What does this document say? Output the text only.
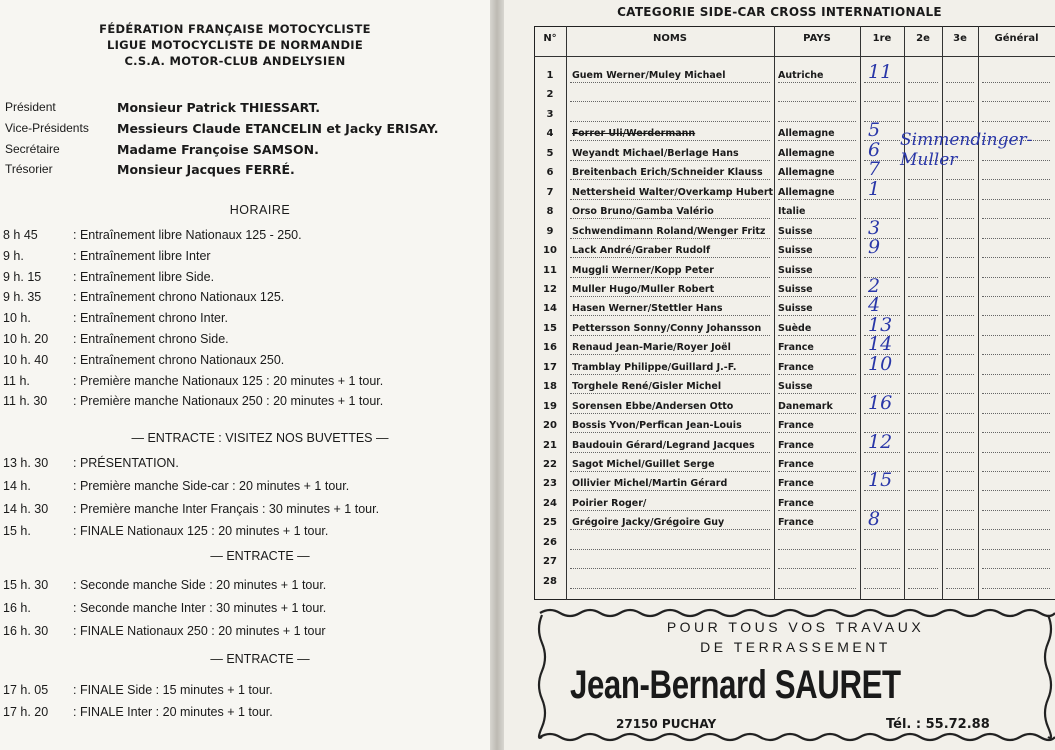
FÉDÉRATION FRANÇAISE MOTOCYCLISTE
LIGUE MOTOCYCLISTE DE NORMANDIE
C.S.A. MOTOR-CLUB ANDELYSIEN
Président	Monsieur Patrick THIESSART.
Vice-Présidents Messieurs Claude ETANCELIN et Jacky ERISAY.
Secrétaire	Madame Françoise SAMSON.
Trésorier	Monsieur Jacques FERRÉ.
HORAIRE
— ENTRACTE : VISITEZ NOS BUVETTES —
— ENTRACTE —
— ENTRACTE —
8 h 45	: Entraînement libre Nationaux 125 - 250.
9 h.	: Entraînement libre Inter
9 h. 15	: Entraînement libre Side.
9 h. 35	: Entraînement chrono Nationaux 125.
10 h.	: Entraînement chrono Inter.
10 h. 20	: Entraînement chrono Side.
10 h. 40	: Entraînement chrono Nationaux 250.
11 h.	: Première manche Nationaux 125 : 20 minutes + 1 tour.
11 h. 30	: Première manche Nationaux 250 : 20 minutes + 1 tour.
13 h. 30	: PRÉSENTATION.
14 h.	: Première manche Side-car : 20 minutes + 1 tour.
14 h. 30	: Première manche Inter Français : 30 minutes + 1 tour.
15 h.	: FINALE Nationaux 125 : 20 minutes + 1 tour.
15 h. 30	: Seconde manche Side : 20 minutes + 1 tour.
16 h.	: Seconde manche Inter : 30 minutes + 1 tour.
16 h. 30	: FINALE Nationaux 250 : 20 minutes + 1 tour
17 h. 05	: FINALE Side : 15 minutes + 1 tour.
17 h. 20	: FINALE Inter : 20 minutes + 1 tour.
CATEGORIE SIDE-CAR CROSS INTERNATIONALE
N°	NOMS	PAYS	1re	2e	3e	Général
1	Guem Werner/Muley Michael	Autriche 11
2
3
4	Forrer Uli/Werdermann	Allemagne 5
5	Weyandt Michael/Berlage Hans	Allemagne 6
6	Breitenbach Erich/Schneider Klauss Allemagne 7
7	Nettersheid Walter/Overkamp Hubert Allemagne 1
8	Orso Bruno/Gamba Valério	Italie
9	Schwendimann Roland/Wenger Fritz Suisse	3
10	Lack André/Graber Rudolf	Suisse	9
11	Muggli Werner/Kopp Peter	Suisse
12	Muller Hugo/Muller Robert	Suisse	2
14	Hasen Werner/Stettler Hans	Suisse	4
15	Pettersson Sonny/Conny Johansson Suède	13
16	Renaud Jean-Marie/Royer Joël	France	14
17	Tramblay Philippe/Guillard J.-F.	France	10
18	Torghele René/Gisler Michel	Suisse
19	Sorensen Ebbe/Andersen Otto	Danemark 16
20	Bossis Yvon/Perfican Jean-Louis	France
21	Baudouin Gérard/Legrand Jacques France	12
22	Sagot Michel/Guillet Serge	France
23	Ollivier Michel/Martin Gérard	France	15
24	Poirier Roger/	France
25	Grégoire Jacky/Grégoire Guy	France	8
26
27
28
Simmendinger-Muller
POUR TOUS VOS TRAVAUX
DE TERRASSEMENT
Jean-Bernard SAURET
27150 PUCHAY	Tél. : 55.72.88
